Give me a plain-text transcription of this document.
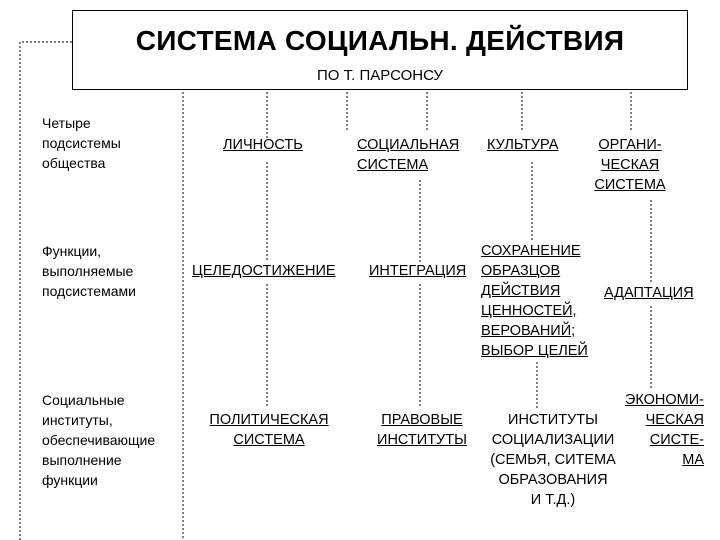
СИСТЕМА СОЦИАЛЬН. ДЕЙСТВИЯ
ПО Т. ПАРСОНСУ
Четыре
подсистемы
общества
Функции,
выполняемые
подсистемами
Социальные
институты,
обеспечивающие
выполнение
функции
ЛИЧНОСТЬ	СОЦИАЛЬНАЯ
СИСТЕМА
КУЛЬТУРА	ОРГАНИ-
ЧЕСКАЯ
СИСТЕМА
ЦЕЛЕДОСТИЖЕНИЕ ИНТЕГРАЦИЯ
СОХРАНЕНИЕ
ОБРАЗЦОВ
ДЕЙСТВИЯ
ЦЕННОСТЕЙ,
ВЕРОВАНИЙ;
ВЫБОР ЦЕЛЕЙ
АДАПТАЦИЯ
ПОЛИТИЧЕСКАЯ
СИСТЕМА
ПРАВОВЫЕ
ИНСТИТУТЫ
ИНСТИТУТЫ
СОЦИАЛИЗАЦИИ
(СЕМЬЯ, СИТЕМА
ОБРАЗОВАНИЯ
И Т.Д.)
ЭКОНОМИ-
ЧЕСКАЯ
СИСТЕ-
МА
